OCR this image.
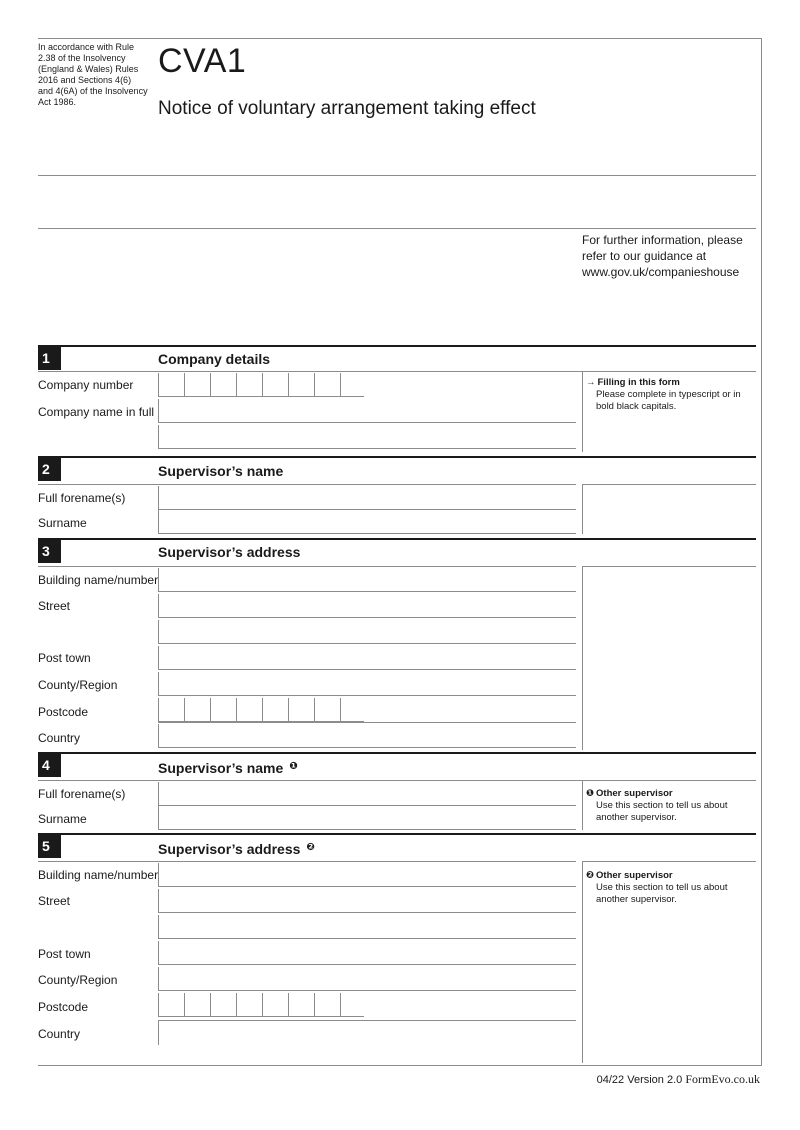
In accordance with Rule 2.38 of the Insolvency (England & Wales) Rules 2016 and Sections 4(6) and 4(6A) of the Insolvency Act 1986.
CVA1
Notice of voluntary arrangement taking effect
For further information, please refer to our guidance at www.gov.uk/companieshouse
1	Company details
Company number
Company name in full
→ Filling in this form
Please complete in typescript or in bold black capitals.
2	Supervisor’s name
Full forename(s)
Surname
3	Supervisor’s address
Building name/number
Street
Post town
County/Region
Postcode
Country
4	Supervisor’s name $^❶$
Full forename(s)
Surname
❶ Other supervisor
Use this section to tell us about another supervisor.
5	Supervisor’s address $^❷$
Building name/number
Street
Post town
County/Region
Postcode
Country
❷ Other supervisor
Use this section to tell us about another supervisor.
04/22 Version 2.0 FormEvo.co.uk
